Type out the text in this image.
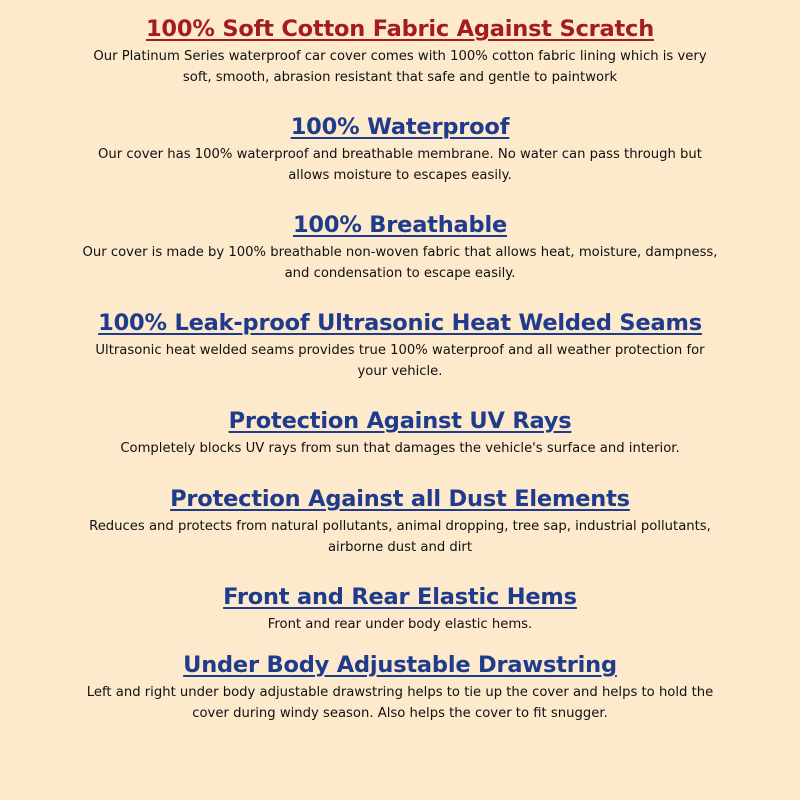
100% Soft Cotton Fabric Against Scratch

Our Platinum Series waterproof car cover comes with 100% cotton fabric lining which is very soft, smooth, abrasion resistant that safe and gentle to paintwork

100% Waterproof

Our cover has 100% waterproof and breathable membrane. No water can pass through but allows moisture to escapes easily.

100% Breathable

Our cover is made by 100% breathable non-woven fabric that allows heat, moisture, dampness, and condensation to escape easily.

100% Leak-proof Ultrasonic Heat Welded Seams

Ultrasonic heat welded seams provides true 100% waterproof and all weather protection for your vehicle.

Protection Against UV Rays

Completely blocks UV rays from sun that damages the vehicle's surface and interior.

Protection Against all Dust Elements

Reduces and protects from natural pollutants, animal dropping, tree sap, industrial pollutants, airborne dust and dirt

Front and Rear Elastic Hems

Front and rear under body elastic hems.

Under Body Adjustable Drawstring

Left and right under body adjustable drawstring helps to tie up the cover and helps to hold the cover during windy season. Also helps the cover to fit snugger.
